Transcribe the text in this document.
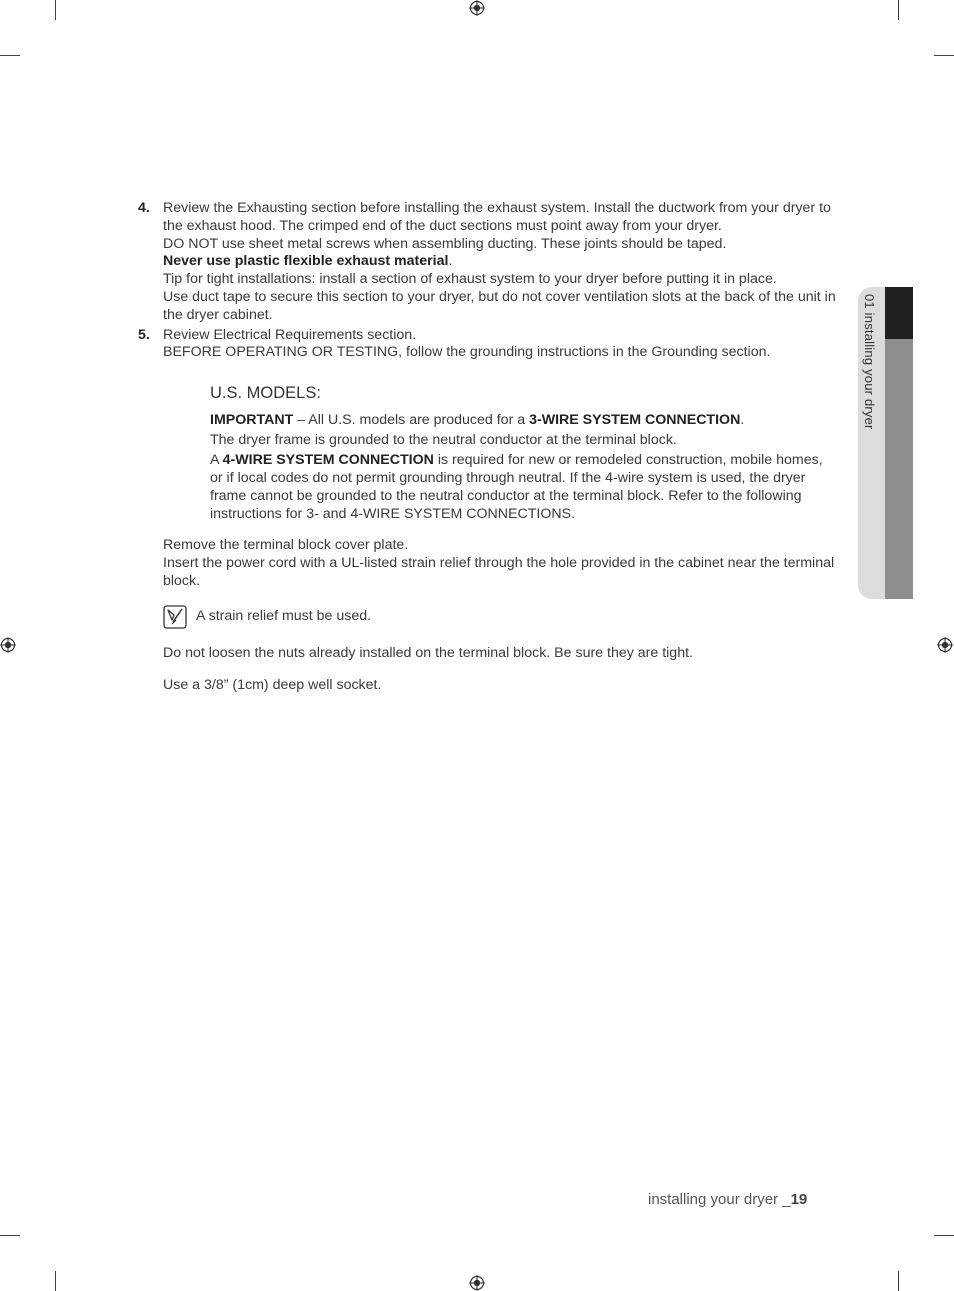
01 installing your dryer
4. Review the Exhausting section before installing the exhaust system. Install the ductwork from your dryer to the exhaust hood. The crimped end of the duct sections must point away from your dryer.

DO NOT use sheet metal screws when assembling ducting. These joints should be taped.

Never use plastic flexible exhaust material.

Tip for tight installations: install a section of exhaust system to your dryer before putting it in place.

Use duct tape to secure this section to your dryer, but do not cover ventilation slots at the back of the unit in the dryer cabinet.

5. Review Electrical Requirements section.

BEFORE OPERATING OR TESTING, follow the grounding instructions in the Grounding section.

U.S. MODELS:

IMPORTANT – All U.S. models are produced for a 3-WIRE SYSTEM CONNECTION.

The dryer frame is grounded to the neutral conductor at the terminal block.

A 4-WIRE SYSTEM CONNECTION is required for new or remodeled construction, mobile homes, or if local codes do not permit grounding through neutral. If the 4-wire system is used, the dryer frame cannot be grounded to the neutral conductor at the terminal block. Refer to the following instructions for 3- and 4-WIRE SYSTEM CONNECTIONS.

Remove the terminal block cover plate.

Insert the power cord with a UL-listed strain relief through the hole provided in the cabinet near the terminal block.

A strain relief must be used.

Do not loosen the nuts already installed on the terminal block. Be sure they are tight.

Use a 3/8” (1cm) deep well socket.

installing your dryer _19
